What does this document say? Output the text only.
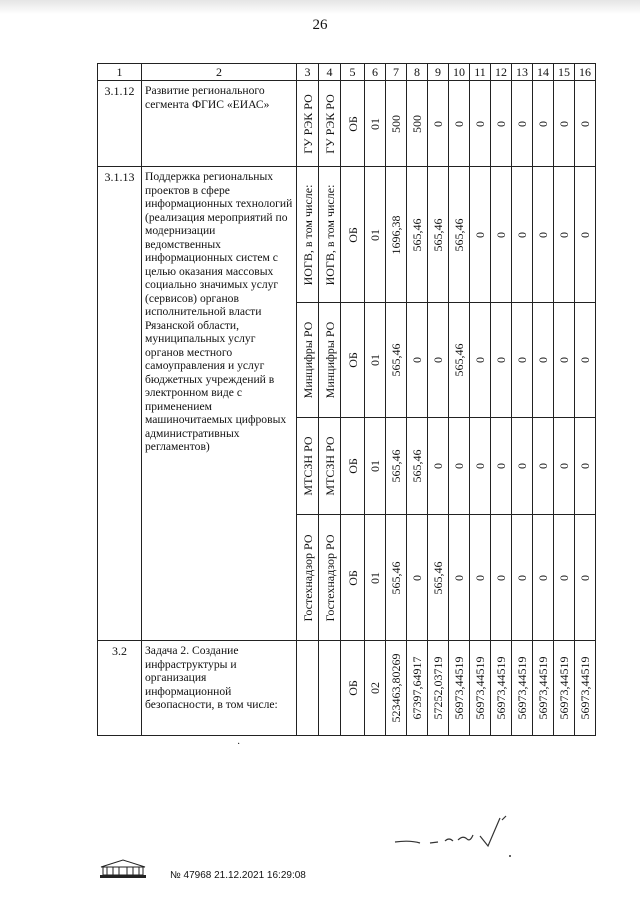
26
1	2	3	4	5	6	7	8	9	10	11	12	13	14	15	16
3.1.12	Развитие регионального сегмента ФГИС «ЕИАС»	ГУ РЭК РО	ГУ РЭК РО	ОБ	01	500	500	0	0	0	0	0	0	0	0

3.1.13	Поддержка региональных проектов в сфере информационных технологий (реализация мероприятий по модернизации ведомственных информационных систем с целью оказания массовых социально значимых услуг (сервисов) органов исполнительной власти Рязанской области, муниципальных услуг органов местного самоуправления и услуг бюджетных учреждений в электронном виде с применением машиночитаемых цифровых административных регламентов)	ИОГВ, в том числе:	ИОГВ, в том числе:	ОБ	01	1696,38	565,46	565,46	565,46	0	0	0	0	0	0

		Минцифры РО	Минцифры РО	ОБ	01	565,46	0	0	565,46	0	0	0	0	0	0

		МТСЗН РО	МТСЗН РО	ОБ	01	565,46	565,46	0	0	0	0	0	0	0	0

		Гостехнадзор РО	Гостехнадзор РО	ОБ	01	565,46	0	565,46	0	0	0	0	0	0	0

3.2	Задача 2. Создание инфраструктуры и организация информационной безопасности, в том числе:			ОБ	02	523463,80269	67397,64917	57252,03719	56973,44519	56973,44519	56973,44519	56973,44519	56973,44519	56973,44519	56973,44519
·
№ 47968 21.12.2021 16:29:08
